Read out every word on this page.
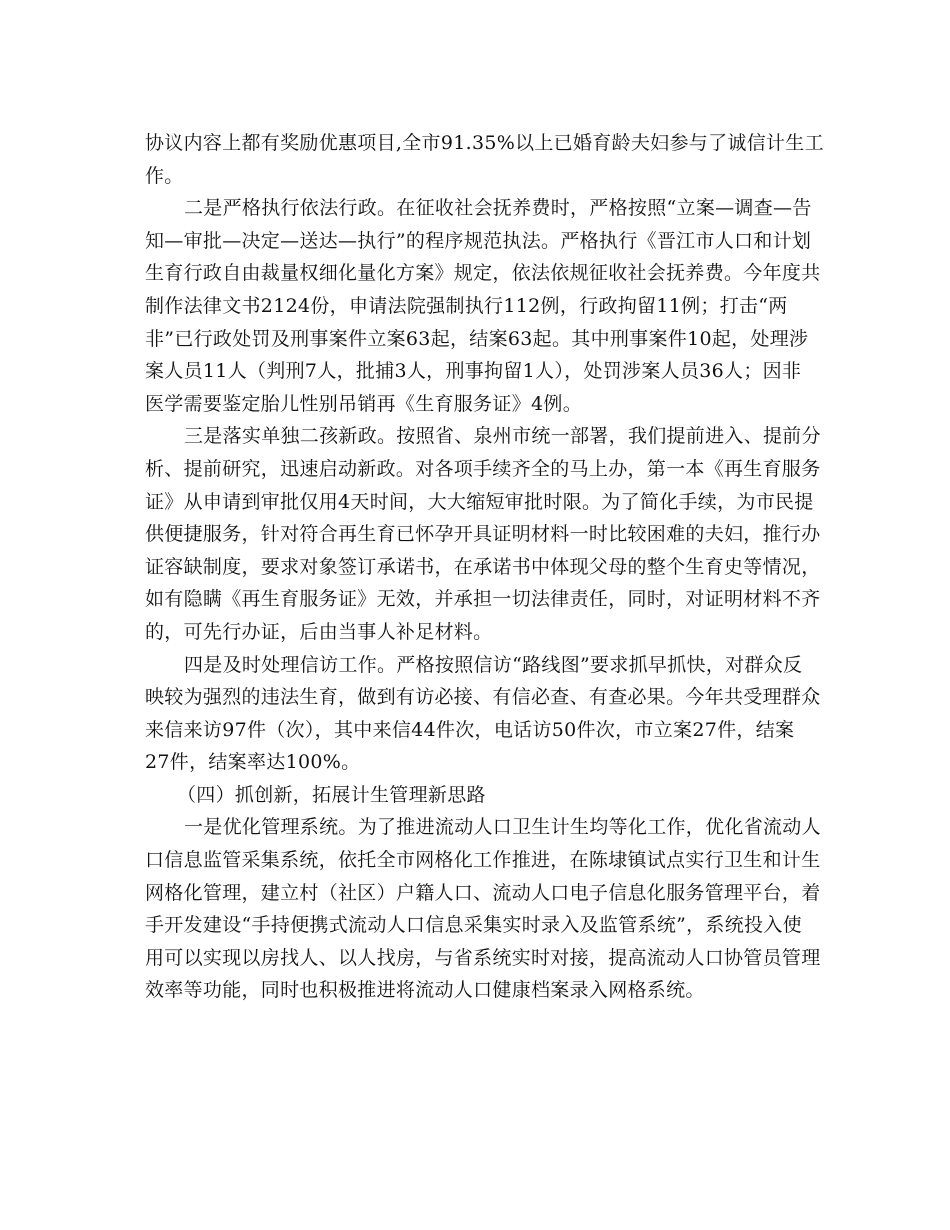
协议内容上都有奖励优惠项目,全市91.35%以上已婚育龄夫妇参与了诚信计生工
作。
二是严格执行依法行政。在征收社会抚养费时，严格按照“立案—调查—告
知—审批—决定—送达—执行”的程序规范执法。严格执行《晋江市人口和计划
生育行政自由裁量权细化量化方案》规定，依法依规征收社会抚养费。今年度共
制作法律文书2124份，申请法院强制执行112例，行政拘留11例；打击“两
非”已行政处罚及刑事案件立案63起，结案63起。其中刑事案件10起，处理涉
案人员11人（判刑7人，批捕3人，刑事拘留1人），处罚涉案人员36人；因非
医学需要鉴定胎儿性别吊销再《生育服务证》4例。
三是落实单独二孩新政。按照省、泉州市统一部署，我们提前进入、提前分
析、提前研究，迅速启动新政。对各项手续齐全的马上办，第一本《再生育服务
证》从申请到审批仅用4天时间，大大缩短审批时限。为了简化手续，为市民提
供便捷服务，针对符合再生育已怀孕开具证明材料一时比较困难的夫妇，推行办
证容缺制度，要求对象签订承诺书，在承诺书中体现父母的整个生育史等情况，
如有隐瞒《再生育服务证》无效，并承担一切法律责任，同时，对证明材料不齐
的，可先行办证，后由当事人补足材料。
四是及时处理信访工作。严格按照信访“路线图”要求抓早抓快，对群众反
映较为强烈的违法生育，做到有访必接、有信必查、有查必果。今年共受理群众
来信来访97件（次），其中来信44件次，电话访50件次，市立案27件，结案
27件，结案率达100%。
（四）抓创新，拓展计生管理新思路
一是优化管理系统。为了推进流动人口卫生计生均等化工作，优化省流动人
口信息监管采集系统，依托全市网格化工作推进，在陈埭镇试点实行卫生和计生
网格化管理，建立村（社区）户籍人口、流动人口电子信息化服务管理平台，着
手开发建设“手持便携式流动人口信息采集实时录入及监管系统”，系统投入使
用可以实现以房找人、以人找房，与省系统实时对接，提高流动人口协管员管理
效率等功能，同时也积极推进将流动人口健康档案录入网格系统。
